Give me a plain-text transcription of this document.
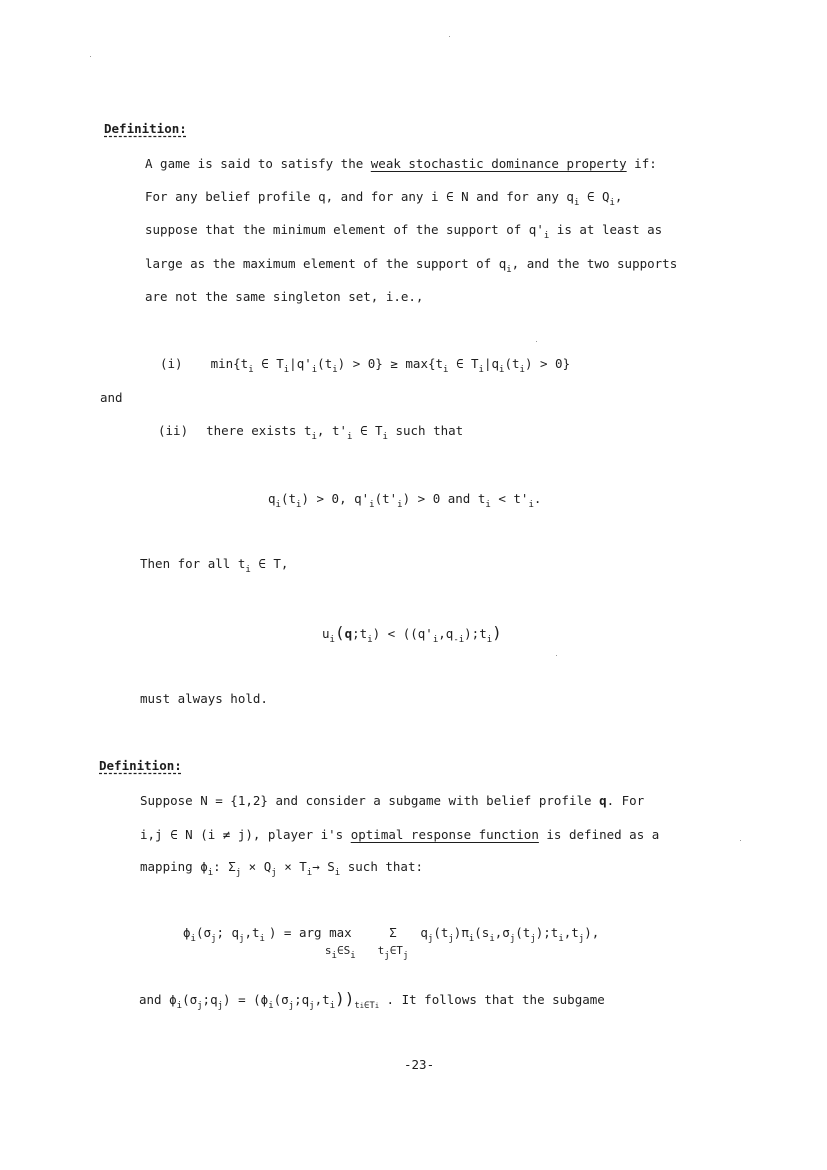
Definition:
A game is said to satisfy the weak stochastic dominance property if:
For any belief profile q, and for any i ∈ N and for any $q_i$ ∈ $Q_i$,
suppose that the minimum element of the support of $q'_i$ is at least as
large as the maximum element of the support of $q_i$, and the two supports
are not the same singleton set, i.e.,
(i) $\min\{t_i$ ∈ $T_i|q'_i(t_i) > 0\} \ge \max\{t_i$ ∈ $T_i|q_i(t_i) > 0$}
and
(ii) there exists $t_i$, $t'_i$ ∈ $T_i$ such that
$q_i(t_i) > 0$, $q'_i(t'_i) > 0$ and $t_i < t'_i$.
Then for all $t_i$ ∈ T,
$u_i(q;t_i)$ < $((q'_i,q_{-i});t_i)$
must always hold.
Definition:
Suppose N = {1,2} and consider a subgame with belief profile q. For
i,j ∈ N (i ≠ j), player i's optimal response function is defined as a
mapping $\phi_i$: $\Sigma_j \times Q_j \times T_i\to S_i$ such that:
$\phi_i(\sigma_j$; $q_j,t_i$ ) = arg max
$s_i\in S_i$
Σ
$t_j\in T_j$
$q_j(t_j)\pi_i(s_i,\sigma_j(t_j);t_i,t_j)$,
and $\phi_i(\sigma_j;q_j)$ = $(\phi_i(\sigma_j;q_j,t_i))_{ti\in Ti}$ . It follows that the subgame
-23-
